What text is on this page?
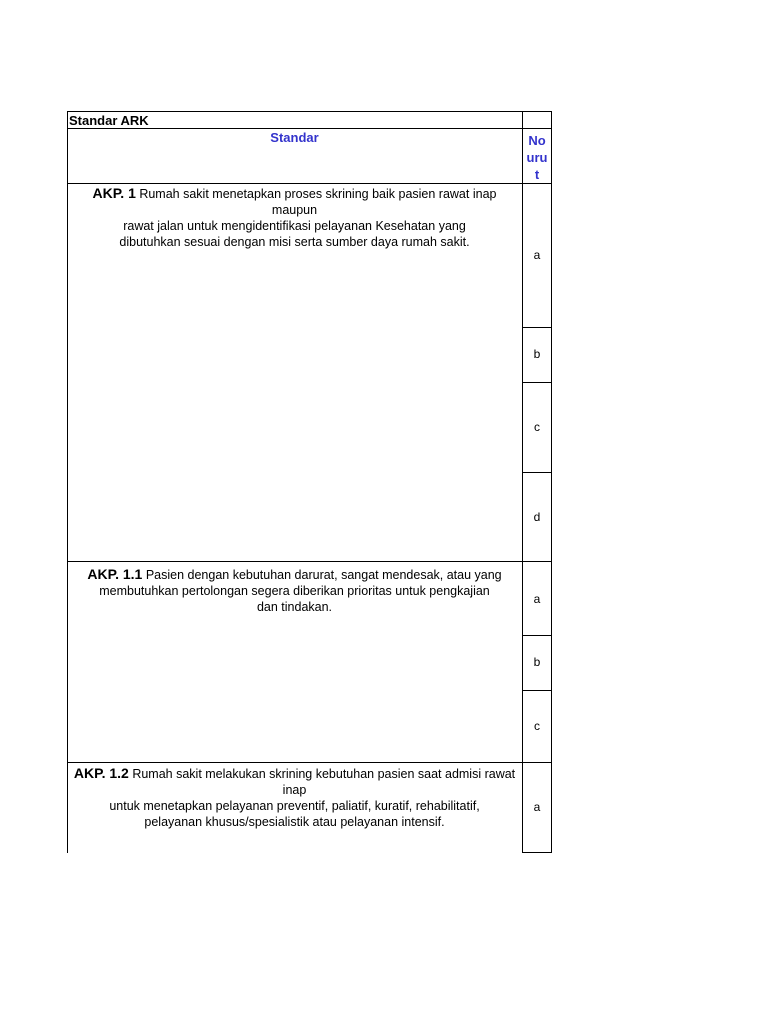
Standar ARK
Standar	No
uru
t
AKP. 1 Rumah sakit menetapkan proses skrining baik pasien rawat inap maupun
rawat jalan untuk mengidentifikasi pelayanan Kesehatan yang
dibutuhkan sesuai dengan misi serta sumber daya rumah sakit.
a
b
c
d
AKP. 1.1 Pasien dengan kebutuhan darurat, sangat mendesak, atau yang
membutuhkan pertolongan segera diberikan prioritas untuk pengkajian
dan tindakan.
a
b
c
AKP. 1.2 Rumah sakit melakukan skrining kebutuhan pasien saat admisi rawat inap
untuk menetapkan pelayanan preventif, paliatif, kuratif, rehabilitatif,
pelayanan khusus/spesialistik atau pelayanan intensif.
a
